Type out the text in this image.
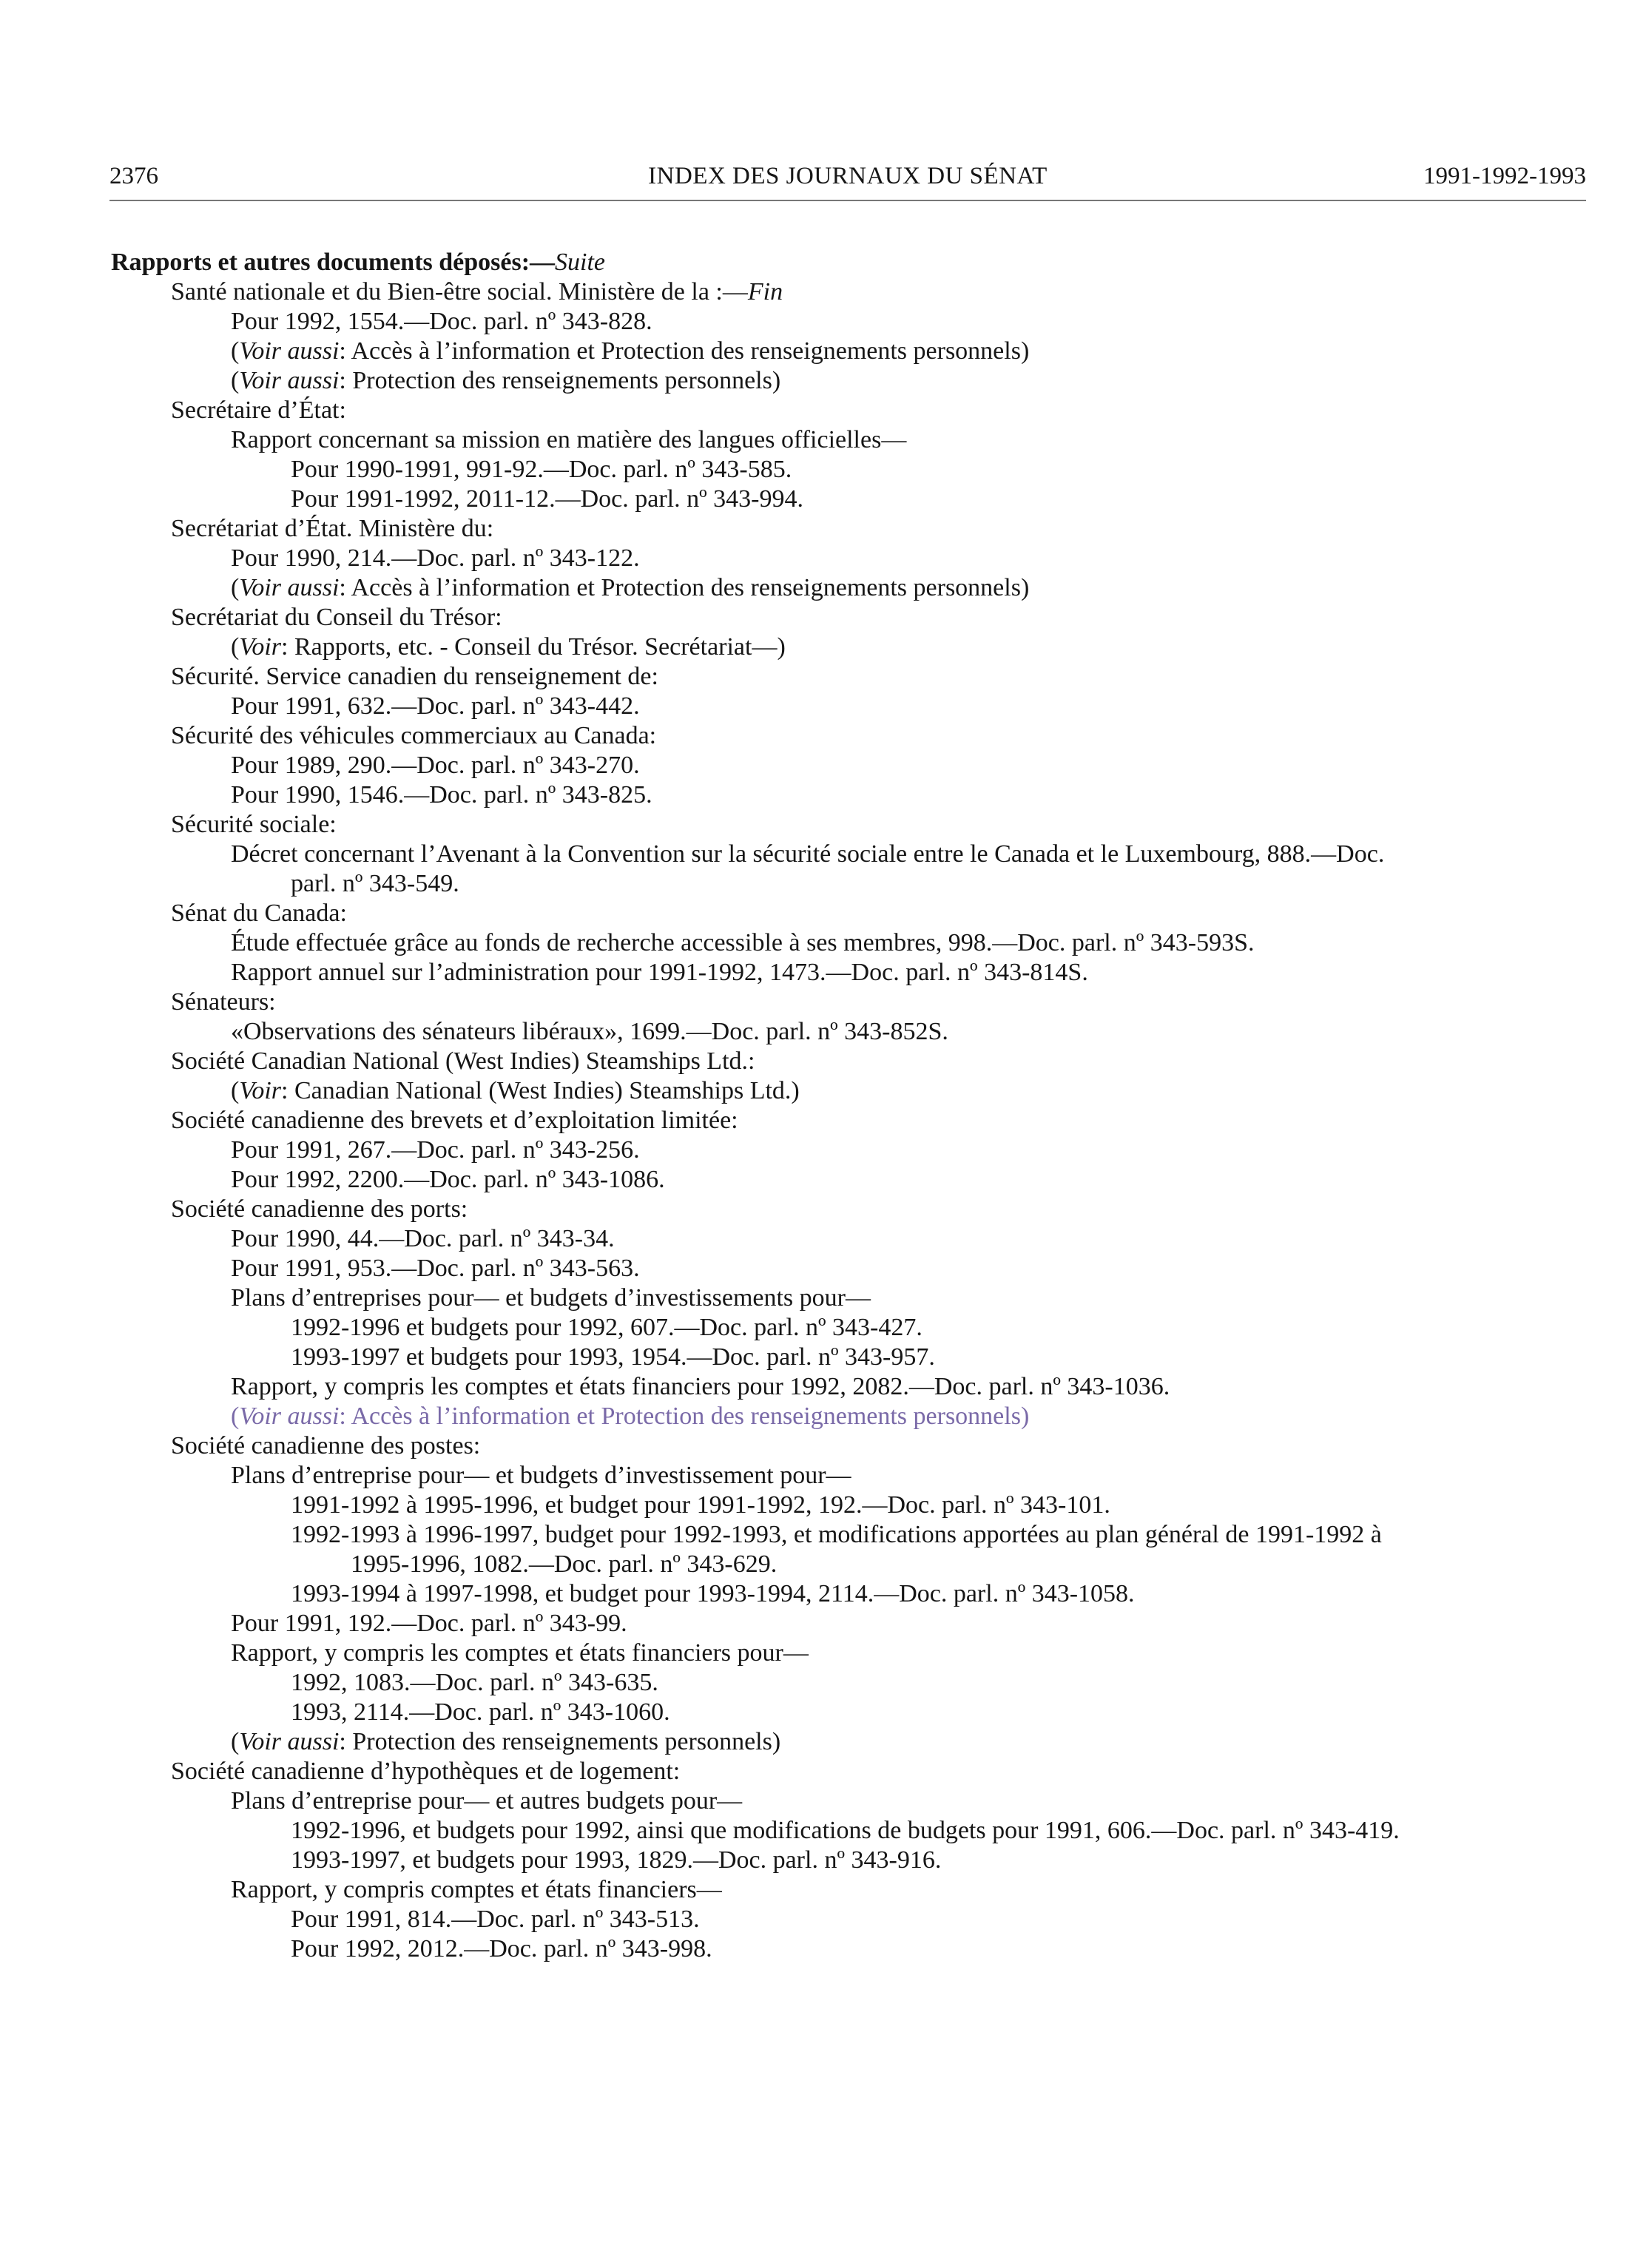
2376	INDEX DES JOURNAUX DU SÉNAT	1991-1992-1993
Rapports et autres documents déposés:—Suite
Santé nationale et du Bien-être social. Ministère de la :—Fin
Pour 1992, 1554.—Doc. parl. nº 343-828.
(Voir aussi: Accès à l’information et Protection des renseignements personnels)
(Voir aussi: Protection des renseignements personnels)
Secrétaire d’État:
Rapport concernant sa mission en matière des langues officielles—
Pour 1990-1991, 991-92.—Doc. parl. nº 343-585.
Pour 1991-1992, 2011-12.—Doc. parl. nº 343-994.
Secrétariat d’État. Ministère du:
Pour 1990, 214.—Doc. parl. nº 343-122.
(Voir aussi: Accès à l’information et Protection des renseignements personnels)
Secrétariat du Conseil du Trésor:
(Voir: Rapports, etc. - Conseil du Trésor. Secrétariat—)
Sécurité. Service canadien du renseignement de:
Pour 1991, 632.—Doc. parl. nº 343-442.
Sécurité des véhicules commerciaux au Canada:
Pour 1989, 290.—Doc. parl. nº 343-270.
Pour 1990, 1546.—Doc. parl. nº 343-825.
Sécurité sociale:
Décret concernant l’Avenant à la Convention sur la sécurité sociale entre le Canada et le Luxembourg, 888.—Doc.
parl. nº 343-549.
Sénat du Canada:
Étude effectuée grâce au fonds de recherche accessible à ses membres, 998.—Doc. parl. nº 343-593S.
Rapport annuel sur l’administration pour 1991-1992, 1473.—Doc. parl. nº 343-814S.
Sénateurs:
«Observations des sénateurs libéraux», 1699.—Doc. parl. nº 343-852S.
Société Canadian National (West Indies) Steamships Ltd.:
(Voir: Canadian National (West Indies) Steamships Ltd.)
Société canadienne des brevets et d’exploitation limitée:
Pour 1991, 267.—Doc. parl. nº 343-256.
Pour 1992, 2200.—Doc. parl. nº 343-1086.
Société canadienne des ports:
Pour 1990, 44.—Doc. parl. nº 343-34.
Pour 1991, 953.—Doc. parl. nº 343-563.
Plans d’entreprises pour— et budgets d’investissements pour—
1992-1996 et budgets pour 1992, 607.—Doc. parl. nº 343-427.
1993-1997 et budgets pour 1993, 1954.—Doc. parl. nº 343-957.
Rapport, y compris les comptes et états financiers pour 1992, 2082.—Doc. parl. nº 343-1036.
(Voir aussi: Accès à l’information et Protection des renseignements personnels)
Société canadienne des postes:
Plans d’entreprise pour— et budgets d’investissement pour—
1991-1992 à 1995-1996, et budget pour 1991-1992, 192.—Doc. parl. nº 343-101.
1992-1993 à 1996-1997, budget pour 1992-1993, et modifications apportées au plan général de 1991-1992 à
1995-1996, 1082.—Doc. parl. nº 343-629.
1993-1994 à 1997-1998, et budget pour 1993-1994, 2114.—Doc. parl. nº 343-1058.
Pour 1991, 192.—Doc. parl. nº 343-99.
Rapport, y compris les comptes et états financiers pour—
1992, 1083.—Doc. parl. nº 343-635.
1993, 2114.—Doc. parl. nº 343-1060.
(Voir aussi: Protection des renseignements personnels)
Société canadienne d’hypothèques et de logement:
Plans d’entreprise pour— et autres budgets pour—
1992-1996, et budgets pour 1992, ainsi que modifications de budgets pour 1991, 606.—Doc. parl. nº 343-419.
1993-1997, et budgets pour 1993, 1829.—Doc. parl. nº 343-916.
Rapport, y compris comptes et états financiers—
Pour 1991, 814.—Doc. parl. nº 343-513.
Pour 1992, 2012.—Doc. parl. nº 343-998.
